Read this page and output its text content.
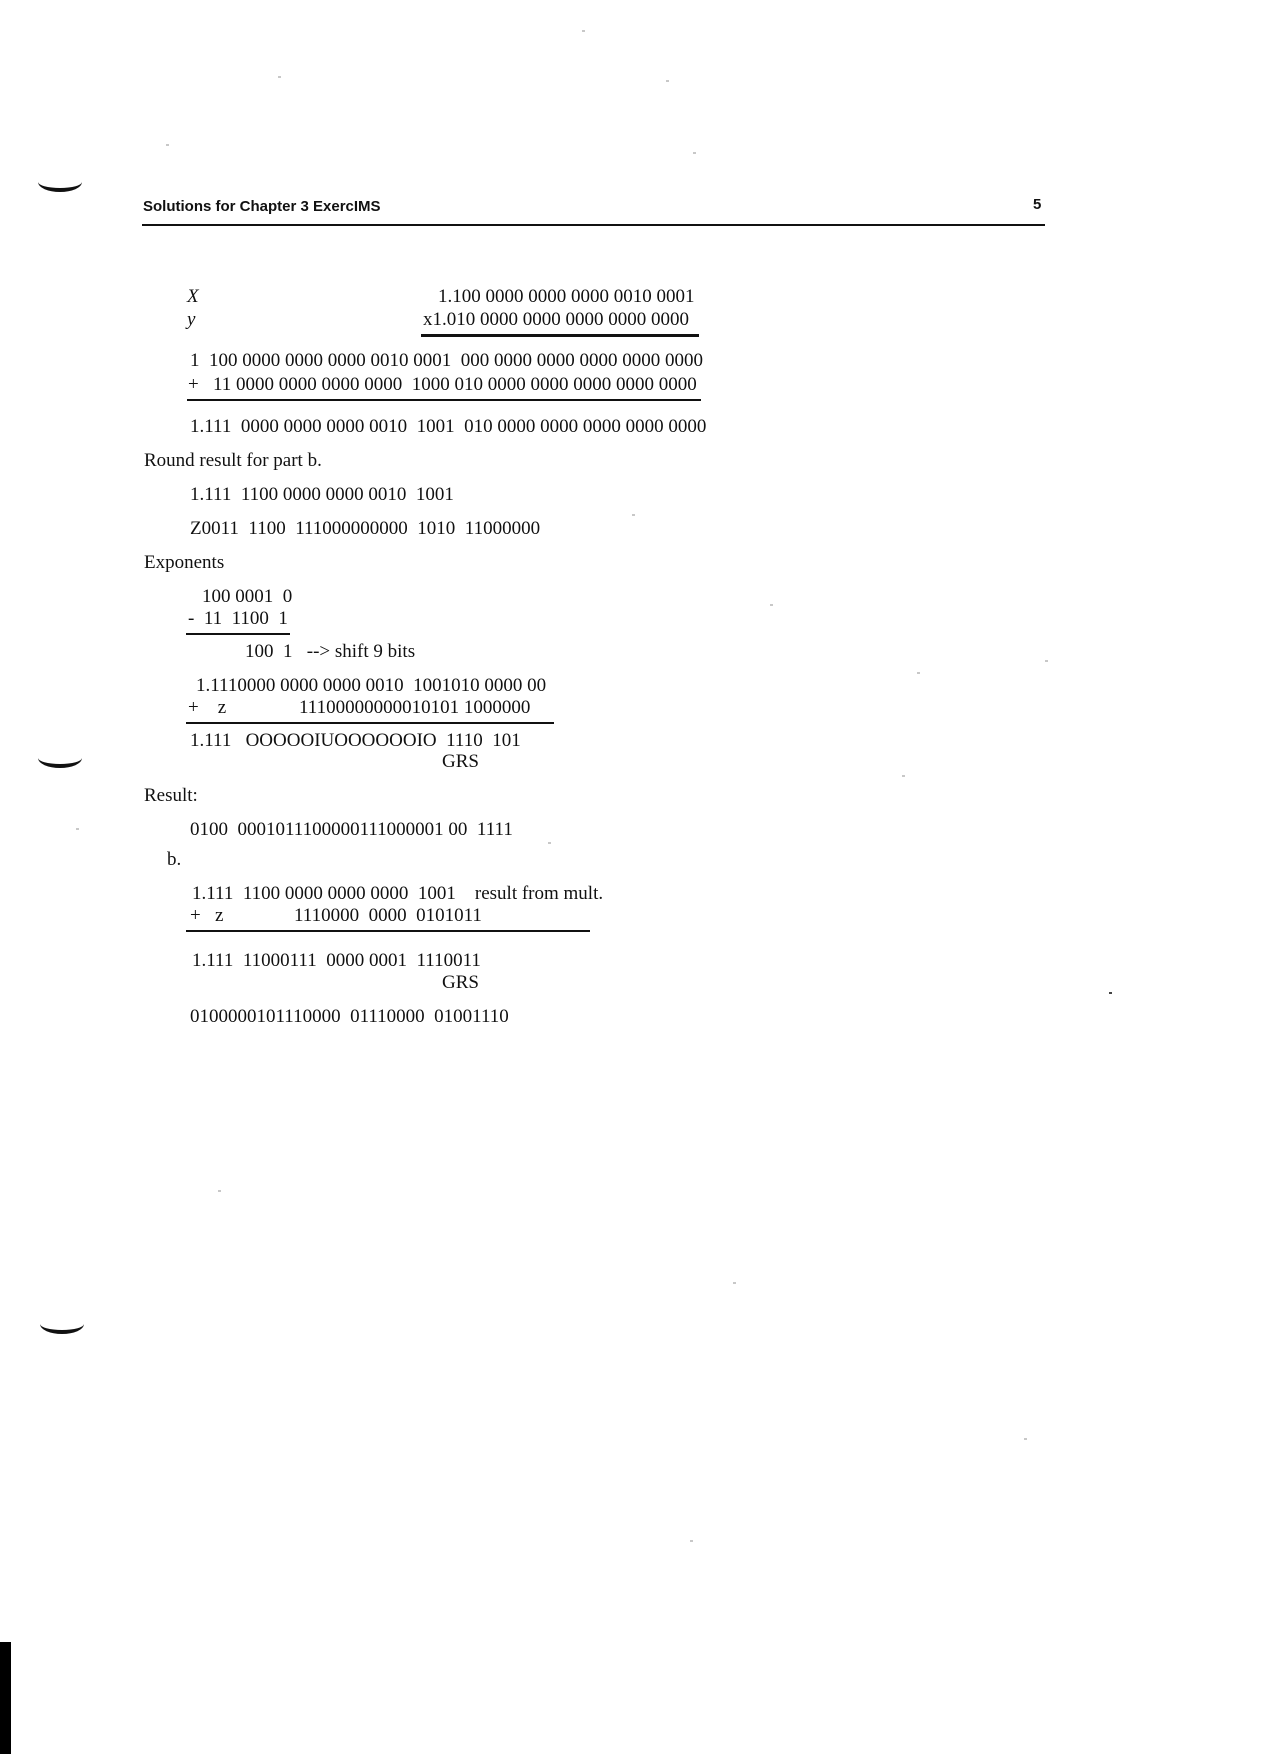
Solutions for Chapter 3 ExercIMS	5
X	1.100 0000 0000 0000 0010 0001
y	x1.010 0000 0000 0000 0000 0000
1  100 0000 0000 0000 0010 0001  000 0000 0000 0000 0000 0000
+   11 0000 0000 0000 0000  1000 010 0000 0000 0000 0000 0000
1.111  0000 0000 0000 0010  1001  010 0000 0000 0000 0000 0000
Round result for part b.
1.111  1100 0000 0000 0010  1001
Z0011  1100  111000000000  1010  11000000
Exponents
100 0001  0
-  11  1100  1
100  1   --> shift 9 bits
1.1110000 0000 0000 0010  1001010 0000 00
+    z	11100000000010101 1000000
1.111   OOOOOIUOOOOOOIO  1110  101
GRS
Result:
0100  0001011100000111000001 00  1111
b.
1.111  1100 0000 0000 0000  1001    result from mult.
+   z	1110000  0000  0101011
1.111  11000111  0000 0001  1110011
GRS
0100000101110000  01110000  01001110
